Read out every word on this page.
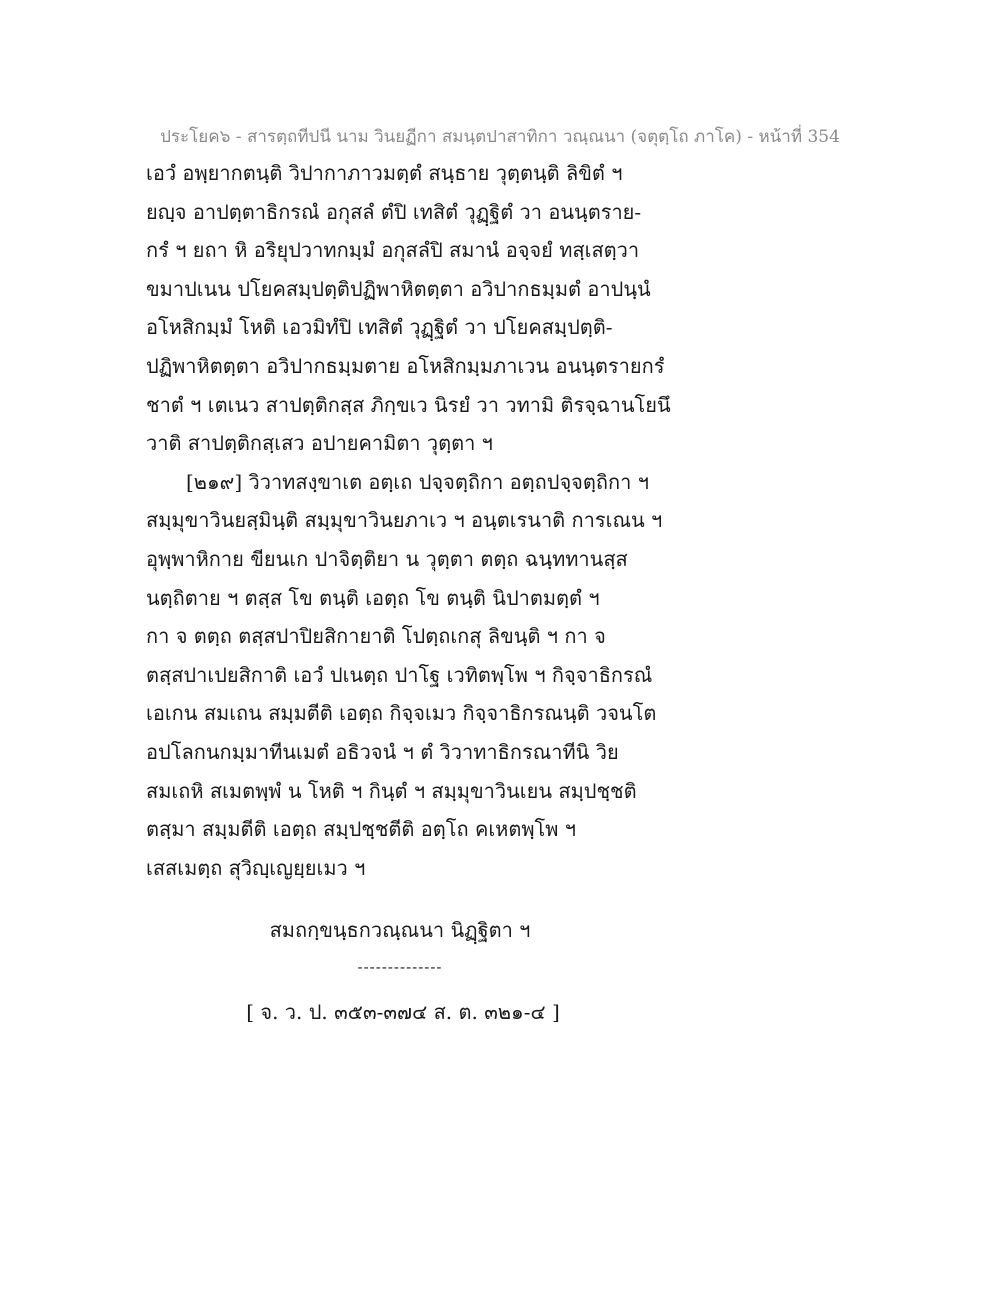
ประโยค๖ - สารตฺถทีปนี นาม วินยฏีกา สมนฺตปาสาทิกา วณฺณนา (จตุตฺโถ ภาโค) - หน้าที่ 354
เอวํ อพฺยากตนฺติ วิปากาภาวมตฺตํ สนฺธาย วุตฺตนฺติ ลิขิตํ ฯ
ยญฺจ อาปตฺตาธิกรณํ อกุสลํ ตํปิ เทสิตํ วุฏฺฐิตํ วา อนนฺตราย-
กรํ ฯ ยถา หิ อริยุปวาทกมฺมํ อกุสลํปิ สมานํ อจฺจยํ ทสฺเสตฺวา
ขมาปเนน ปโยคสมฺปตฺติปฏิพาหิตตฺตา อวิปากธมฺมตํ อาปนฺนํ
อโหสิกมฺมํ โหติ เอวมิทํปิ เทสิตํ วุฏฺฐิตํ วา ปโยคสมฺปตฺติ-
ปฏิพาหิตตฺตา อวิปากธมฺมตาย อโหสิกมฺมภาเวน อนนฺตรายกรํ
ชาตํ ฯ เตเนว สาปตฺติกสฺส ภิกฺขเว นิรยํ วา วทามิ ติรจฺฉานโยนึ
วาติ สาปตฺติกสฺเสว อปายคามิตา วุตฺตา ฯ
[๒๑๙] วิวาทสงฺขาเต อตฺเถ ปจฺจตฺถิกา อตฺถปจฺจตฺถิกา ฯ
สมฺมุขาวินยสฺมินฺติ สมฺมุขาวินยภาเว ฯ อนฺตเรนาติ การเณน ฯ
อุพฺพาหิกาย ขียนเก ปาจิตฺติยา น วุตฺตา ตตฺถ ฉนฺททานสฺส
นตฺถิตาย ฯ ตสฺส โข ตนฺติ เอตฺถ โข ตนฺติ นิปาตมตฺตํ ฯ
กา จ ตตฺถ ตสฺสปาปิยสิกายาติ โปตฺถเกสุ ลิขนฺติ ฯ กา จ
ตสฺสปาเปยสิกาติ เอวํ ปเนตฺถ ปาโฐ เวทิตพฺโพ ฯ กิจฺจาธิกรณํ
เอเกน สมเถน สมฺมตีติ เอตฺถ กิจฺจเมว กิจฺจาธิกรณนฺติ วจนโต
อปโลกนกมฺมาทีนเมตํ อธิวจนํ ฯ ตํ วิวาทาธิกรณาทีนิ วิย
สมเถหิ สเมตพฺพํ น โหติ ฯ กินฺตํ ฯ สมฺมุขาวินเยน สมฺปชฺชติ
ตสฺมา สมฺมตีติ เอตฺถ สมฺปชฺชตีติ อตฺโถ คเหตพฺโพ ฯ
เสสเมตฺถ สุวิญฺเญยฺยเมว ฯ
สมถกฺขนฺธกวณฺณนา นิฏฺฐิตา ฯ
--------------
[ จ. ว. ป. ๓๕๓-๓๗๔ ส. ต. ๓๒๑-๔ ]
